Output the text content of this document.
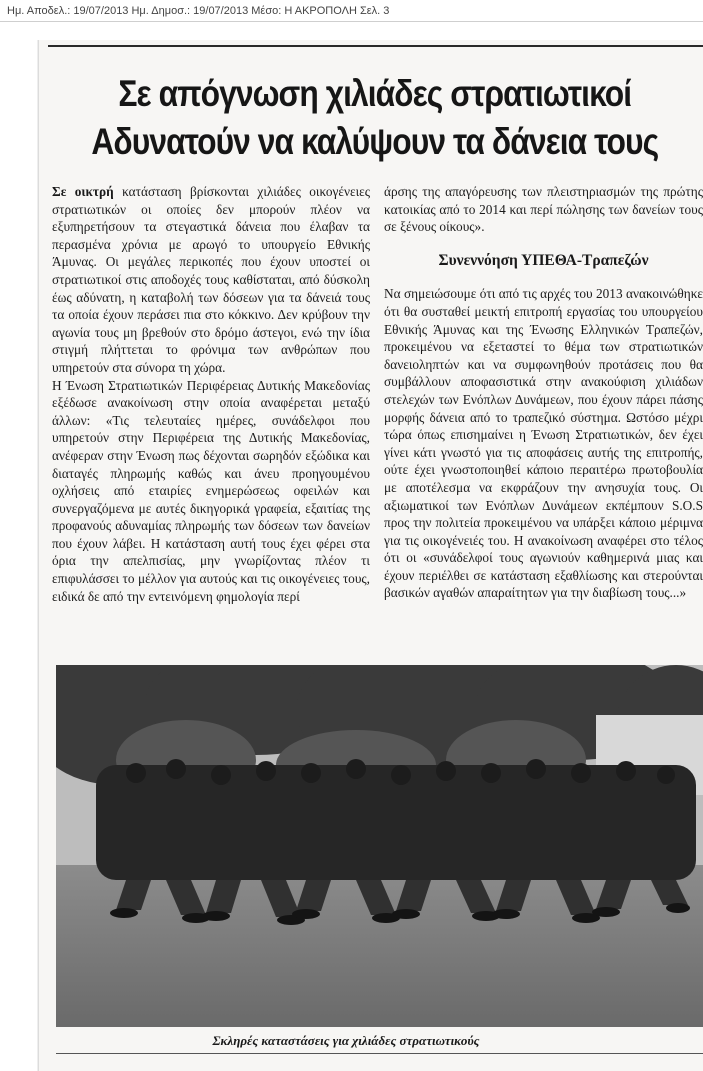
Ημ. Αποδελ.: 19/07/2013 Ημ. Δημοσ.: 19/07/2013 Μέσο: Η ΑΚΡΟΠΟΛΗ Σελ. 3
Σε απόγνωση χιλιάδες στρατιωτικοί
Αδυνατούν να καλύψουν τα δάνεια τους

Σε οικτρή κατάσταση βρίσκονται χιλιάδες οικογένειες στρατιωτικών οι οποίες δεν μπορούν πλέον να εξυπηρετήσουν τα στεγαστικά δάνεια που έλαβαν τα περασμένα χρόνια με αρωγό το υπουργείο Εθνικής Άμυνας. Οι μεγάλες περικοπές που έχουν υποστεί οι στρατιωτικοί στις αποδοχές τους καθίσταται, από δύσκολη έως αδύνατη, η καταβολή των δόσεων για τα δάνειά τους τα οποία έχουν περάσει πια στο κόκκινο. Δεν κρύβουν την αγωνία τους μη βρεθούν στο δρόμο άστεγοι, ενώ την ίδια στιγμή πλήττεται το φρόνιμα των ανθρώπων που υπηρετούν στα σύνορα τη χώρα.

Η Ένωση Στρατιωτικών Περιφέρειας Δυτικής Μακεδονίας εξέδωσε ανακοίνωση στην οποία αναφέρεται μεταξύ άλλων: «Τις τελευταίες ημέρες, συνάδελφοι που υπηρετούν στην Περιφέρεια της Δυτικής Μακεδονίας, ανέφεραν στην Ένωση πως δέχονται σωρηδόν εξώδικα και διαταγές πληρωμής καθώς και άνευ προηγουμένου οχλήσεις από εταιρίες ενημερώσεως οφειλών και συνεργαζόμενα με αυτές δικηγορικά γραφεία, εξαιτίας της προφανούς αδυναμίας πληρωμής των δόσεων των δανείων που έχουν λάβει. Η κατάσταση αυτή τους έχει φέρει στα όρια την απελπισίας, μην γνωρίζοντας πλέον τι επιφυλάσσει το μέλλον για αυτούς και τις οικογένειες τους, ειδικά δε από την εντεινόμενη φημολογία περί

άρσης της απαγόρευσης των πλειστηριασμών της πρώτης κατοικίας από το 2014 και περί πώλησης των δανείων τους σε ξένους οίκους».

Συνεννόηση ΥΠΕΘΑ-Τραπεζών

Να σημειώσουμε ότι από τις αρχές του 2013 ανακοινώθηκε ότι θα συσταθεί μεικτή επιτροπή εργασίας του υπουργείου Εθνικής Άμυνας και της Ένωσης Ελληνικών Τραπεζών, προκειμένου να εξεταστεί το θέμα των στρατιωτικών δανειοληπτών και να συμφωνηθούν προτάσεις που θα συμβάλλουν αποφασιστικά στην ανακούφιση χιλιάδων στελεχών των Ενόπλων Δυνάμεων, που έχουν πάρει πάσης μορφής δάνεια από το τραπεζικό σύστημα. Ωστόσο μέχρι τώρα όπως επισημαίνει η Ένωση Στρατιωτικών, δεν έχει γίνει κάτι γνωστό για τις αποφάσεις αυτής της επιτροπής, ούτε έχει γνωστοποιηθεί κάποιο περαιτέρω πρωτοβουλία με αποτέλεσμα να εκφράζουν την ανησυχία τους. Οι αξιωματικοί των Ενόπλων Δυνάμεων εκπέμπουν S.O.S προς την πολιτεία προκειμένου να υπάρξει κάποιο μέριμνα για τις οικογένειές του. Η ανακοίνωση αναφέρει στο τέλος ότι οι «συνάδελφοί τους αγωνιούν καθημερινά μιας και έχουν περιέλθει σε κατάσταση εξαθλίωσης και στερούνται βασικών αγαθών απαραίτητων για την διαβίωση τους...»

Σκληρές καταστάσεις για χιλιάδες στρατιωτικούς
